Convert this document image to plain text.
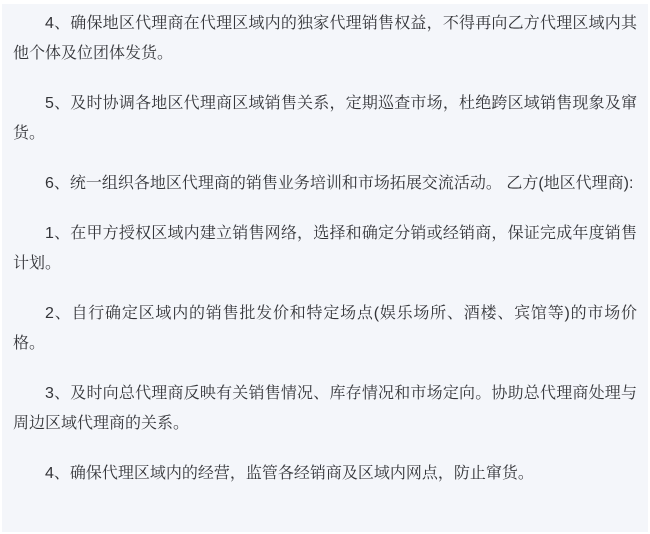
4、确保地区代理商在代理区域内的独家代理销售权益，不得再向乙方代理区域内其他个体及位团体发货。

5、及时协调各地区代理商区域销售关系，定期巡查市场，杜绝跨区域销售现象及窜货。

6、统一组织各地区代理商的销售业务培训和市场拓展交流活动。 乙方(地区代理商):

1、在甲方授权区域内建立销售网络，选择和确定分销或经销商，保证完成年度销售计划。

2、自行确定区域内的销售批发价和特定场点(娱乐场所、酒楼、宾馆等)的市场价格。

3、及时向总代理商反映有关销售情况、库存情况和市场定向。协助总代理商处理与周边区域代理商的关系。

4、确保代理区域内的经营，监管各经销商及区域内网点，防止窜货。
